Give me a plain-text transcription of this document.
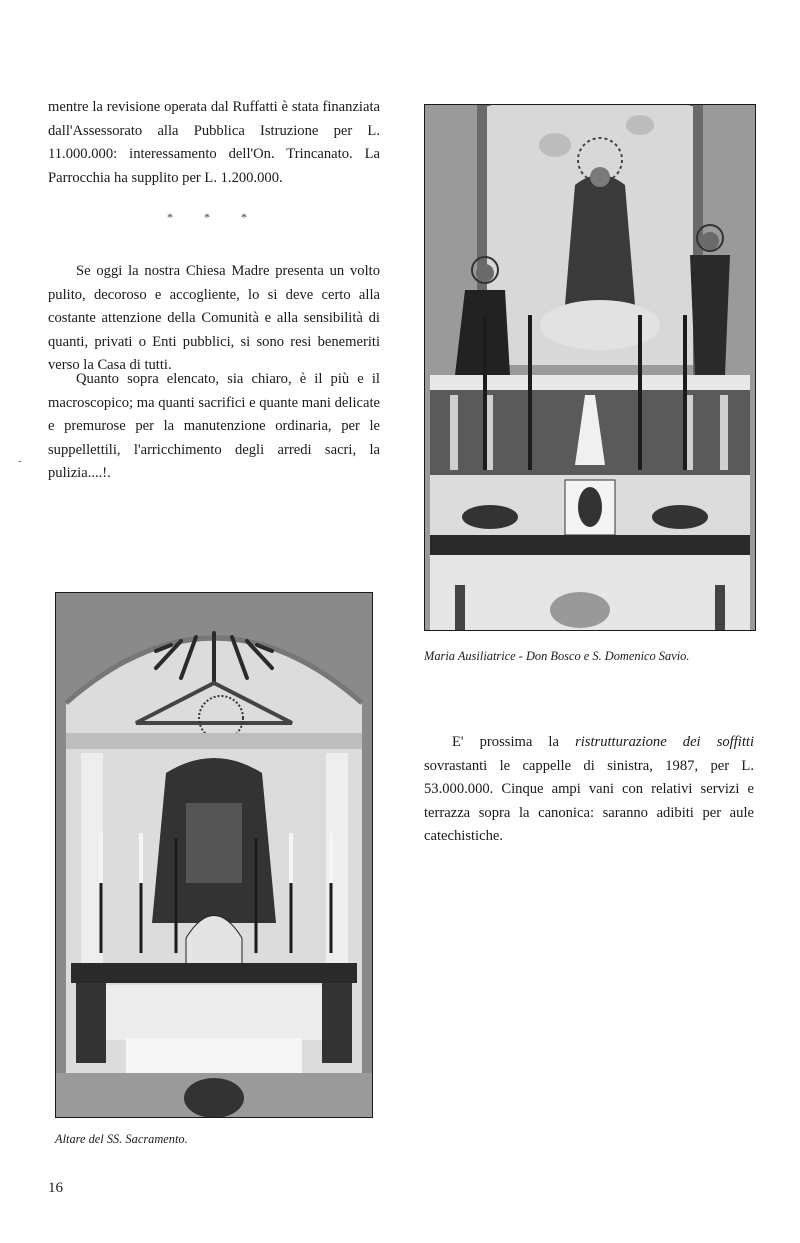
mentre la revisione operata dal Ruffatti è stata finanziata dall'Assessorato alla Pubblica Istruzione per L. 11.000.000: interessamento dell'On. Trincanato. La Parrocchia ha supplito per L. 1.200.000.

* * *

Se oggi la nostra Chiesa Madre presenta un volto pulito, decoroso e accogliente, lo si deve certo alla costante attenzione della Comunità e alla sensibilità di quanti, privati o Enti pubblici, si sono resi benemeriti verso la Casa di tutti.

Quanto sopra elencato, sia chiaro, è il più e il macroscopico; ma quanti sacrifici e quante mani delicate e premurose per la manutenzione ordinaria, per le suppellettili, l'arricchimento degli arredi sacri, la pulizia....!.

-

Maria Ausiliatrice - Don Bosco e S. Domenico Savio.

Altare del SS. Sacramento.

E' prossima la ristrutturazione dei soffitti sovrastanti le cappelle di sinistra, 1987, per L. 53.000.000. Cinque ampi vani con relativi servizi e terrazza sopra la canonica: saranno adibiti per aule catechistiche.

16
